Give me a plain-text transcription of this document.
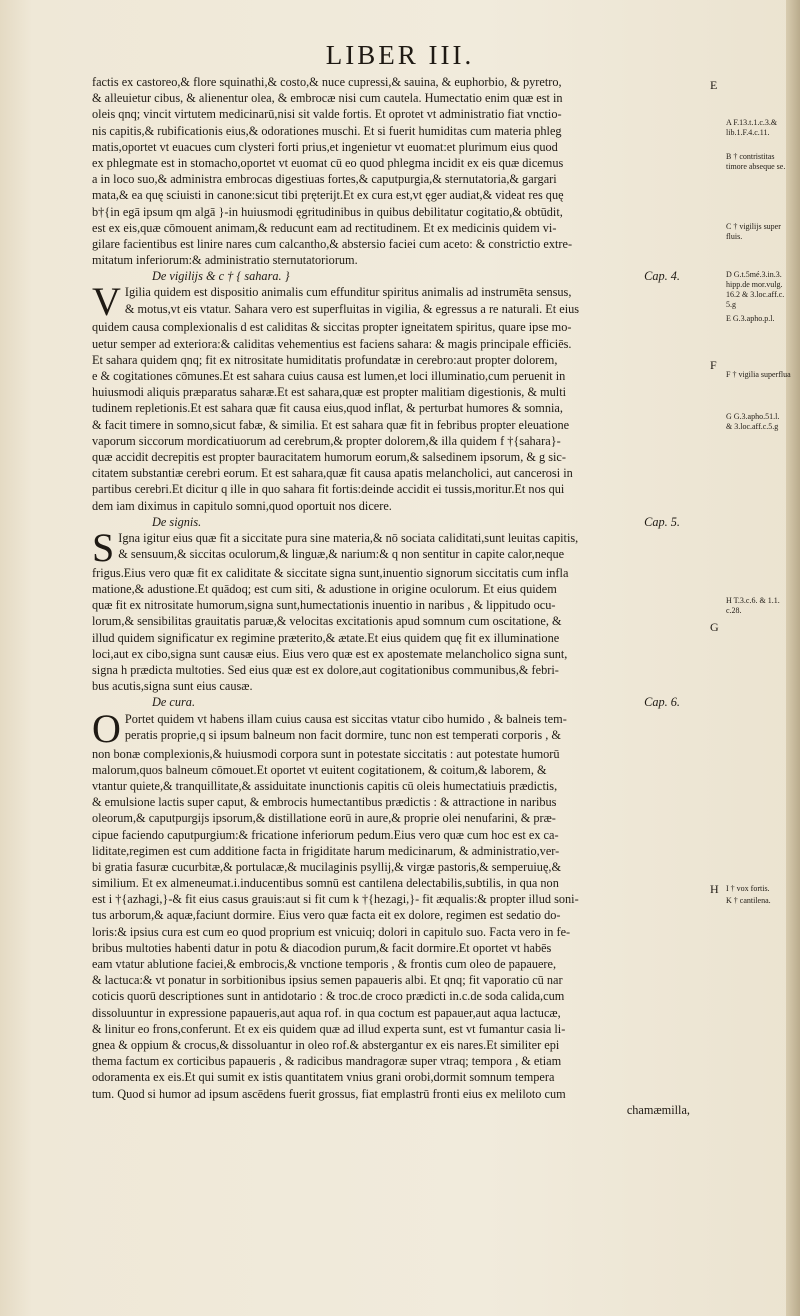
LIBER III.
factis ex castoreo,& flore squinathi,& costo,& nuce cupressi,& sauina, & euphorbio, & pyretro,
& alleuietur cibus, & alienentur olea, & embrocæ nisi cum cautela. Humectatio enim quæ est in
oleis qnq; vincit virtutem medicinarū,nisi sit valde fortis. Et oprotet vt administratio fiat vnctio-
nis capitis,& rubificationis eius,& odorationes muschi. Et si fuerit humiditas cum materia phleg
matis,oportet vt euacues cum clysteri forti prius,et ingenietur vt euomat:et plurimum eius quod
ex phlegmate est in stomacho,oportet vt euomat cū eo quod phlegma incidit ex eis quæ dicemus
a in loco suo,& administra embrocas digestiuas fortes,& caputpurgia,& sternutatoria,& gargari
mata,& ea quę sciuisti in canone:sicut tibi pręterijt.Et ex cura est,vt ęger audiat,& videat res quę
b†{in egā ipsum qm algā }-in huiusmodi ęgritudinibus in quibus debilitatur cogitatio,& obtūdit,
est ex eis,quæ cōmouent animam,& reducunt eam ad rectitudinem. Et ex medicinis quidem vi-
gilare facientibus est linire nares cum calcantho,& abstersio faciei cum aceto: & constrictio extre-
mitatum inferiorum:& administratio sternutatoriorum.
De vigilijs & c † { sahara. }	Cap. 4.
V Igilia quidem est dispositio animalis cum effunditur spiritus animalis ad instrumēta sensus,
& motus,vt eis vtatur. Sahara vero est superfluitas in vigilia, & egressus a re naturali. Et eius
quidem causa complexionalis d est caliditas & siccitas propter igneitatem spiritus, quare ipse mo-
uetur semper ad exteriora:& caliditas vehementius est faciens sahara: & magis principale efficiēs.
Et sahara quidem qnq; fit ex nitrositate humiditatis profundatæ in cerebro:aut propter dolorem,
e & cogitationes cōmunes.Et est sahara cuius causa est lumen,et loci illuminatio,cum peruenit in
huiusmodi aliquis præparatus saharæ.Et est sahara,quæ est propter malitiam digestionis, & multi
tudinem repletionis.Et est sahara quæ fit causa eius,quod inflat, & perturbat humores & somnia,
& facit timere in somno,sicut fabæ, & similia. Et est sahara quæ fit in febribus propter eleuatione
vaporum siccorum mordicatiuorum ad cerebrum,& propter dolorem,& illa quidem f †{sahara}-
quæ accidit decrepitis est propter bauracitatem humorum eorum,& salsedinem ipsorum, & g sic-
citatem substantiæ cerebri eorum. Et est sahara,quæ fit causa apatis melancholici, aut cancerosi in
partibus cerebri.Et dicitur q ille in quo sahara fit fortis:deinde accidit ei tussis,moritur.Et nos qui
dem iam diximus in capitulo somni,quod oportuit nos dicere.
De signis.	Cap. 5.
S Igna igitur eius quæ fit a siccitate pura sine materia,& nō sociata caliditati,sunt leuitas capitis,
& sensuum,& siccitas oculorum,& linguæ,& narium:& q non sentitur in capite calor,neque
frigus.Eius vero quæ fit ex caliditate & siccitate signa sunt,inuentio signorum siccitatis cum infla
matione,& adustione.Et quādoq; est cum siti, & adustione in origine oculorum. Et eius quidem
quæ fit ex nitrositate humorum,signa sunt,humectationis inuentio in naribus , & lippitudo ocu-
lorum,& sensibilitas grauitatis paruæ,& velocitas excitationis apud somnum cum oscitatione, &
illud quidem significatur ex regimine præterito,& ætate.Et eius quidem quę fit ex illuminatione
loci,aut ex cibo,signa sunt causæ eius. Eius vero quæ est ex apostemate melancholico signa sunt,
signa h prædicta multoties. Sed eius quæ est ex dolore,aut cogitationibus communibus,& febri-
bus acutis,signa sunt eius causæ.
De cura.	Cap. 6.
O Portet quidem vt habens illam cuius causa est siccitas vtatur cibo humido , & balneis tem-
peratis proprie,q si ipsum balneum non facit dormire, tunc non est temperati corporis , &
non bonæ complexionis,& huiusmodi corpora sunt in potestate siccitatis : aut potestate humorū
malorum,quos balneum cōmouet.Et oportet vt euitent cogitationem, & coitum,& laborem, &
vtantur quiete,& tranquillitate,& assiduitate inunctionis capitis cū oleis humectatiuis prædictis,
& emulsione lactis super caput, & embrocis humectantibus prædictis : & attractione in naribus
oleorum,& caputpurgijs ipsorum,& distillatione eorū in aure,& proprie olei nenufarini, & præ-
cipue faciendo caputpurgium:& fricatione inferiorum pedum.Eius vero quæ cum hoc est ex ca-
liditate,regimen est cum additione facta in frigiditate harum medicinarum, & administratio,ver-
bi gratia fasuræ cucurbitæ,& portulacæ,& mucilaginis psyllij,& virgæ pastoris,& semperuiuę,&
similium. Et ex almeneumat.i.inducentibus somnū est cantilena delectabilis,subtilis, in qua non
est i †{azhagi,}-& fit eius casus grauis:aut si fit cum k †{hezagi,}- fit æqualis:& propter illud soni-
tus arborum,& aquæ,faciunt dormire. Eius vero quæ facta eit ex dolore, regimen est sedatio do-
loris:& ipsius cura est cum eo quod proprium est vnicuiq; dolori in capitulo suo. Facta vero in fe-
bribus multoties habenti datur in potu & diacodion purum,& facit dormire.Et oportet vt habēs
eam vtatur ablutione faciei,& embrocis,& vnctione temporis , & frontis cum oleo de papauere,
& lactuca:& vt ponatur in sorbitionibus ipsius semen papaueris albi. Et qnq; fit vaporatio cū nar
coticis quorū descriptiones sunt in antidotario : & troc.de croco prædicti in.c.de soda calida,cum
dissoluuntur in expressione papaueris,aut aqua rof. in qua coctum est papauer,aut aqua lactucæ,
& linitur eo frons,conferunt. Et ex eis quidem quæ ad illud experta sunt, est vt fumantur casia li-
gnea & oppium & crocus,& dissoluantur in oleo rof.& abstergantur ex eis nares.Et similiter epi
thema factum ex corticibus papaueris , & radicibus mandragoræ super vtraq; tempora , & etiam
odoramenta ex eis.Et qui sumit ex istis quantitatem vnius grani orobi,dormit somnum tempera
tum. Quod si humor ad ipsum ascēdens fuerit grossus, fiat emplastrū fronti eius ex meliloto cum
chamæmilla,
A F.13.t.1.c.3.&
lib.1.F.4.c.11.
B † contristitas
timore abseque se.
C † vigilijs super
fluis.
D G.t.5mé.3.in.3.
hipp.de mor.vulg.
16.2 & 3.loc.aff.c.
5.g
E G.3.apho.p.l.
F † vigilia superflua
G G.3.apho.51.l.
& 3.loc.aff.c.5.g
H T.3.c.6. & 1.1.
c.28.
I † vox fortis.
K † cantilena.
E
F
G
H
